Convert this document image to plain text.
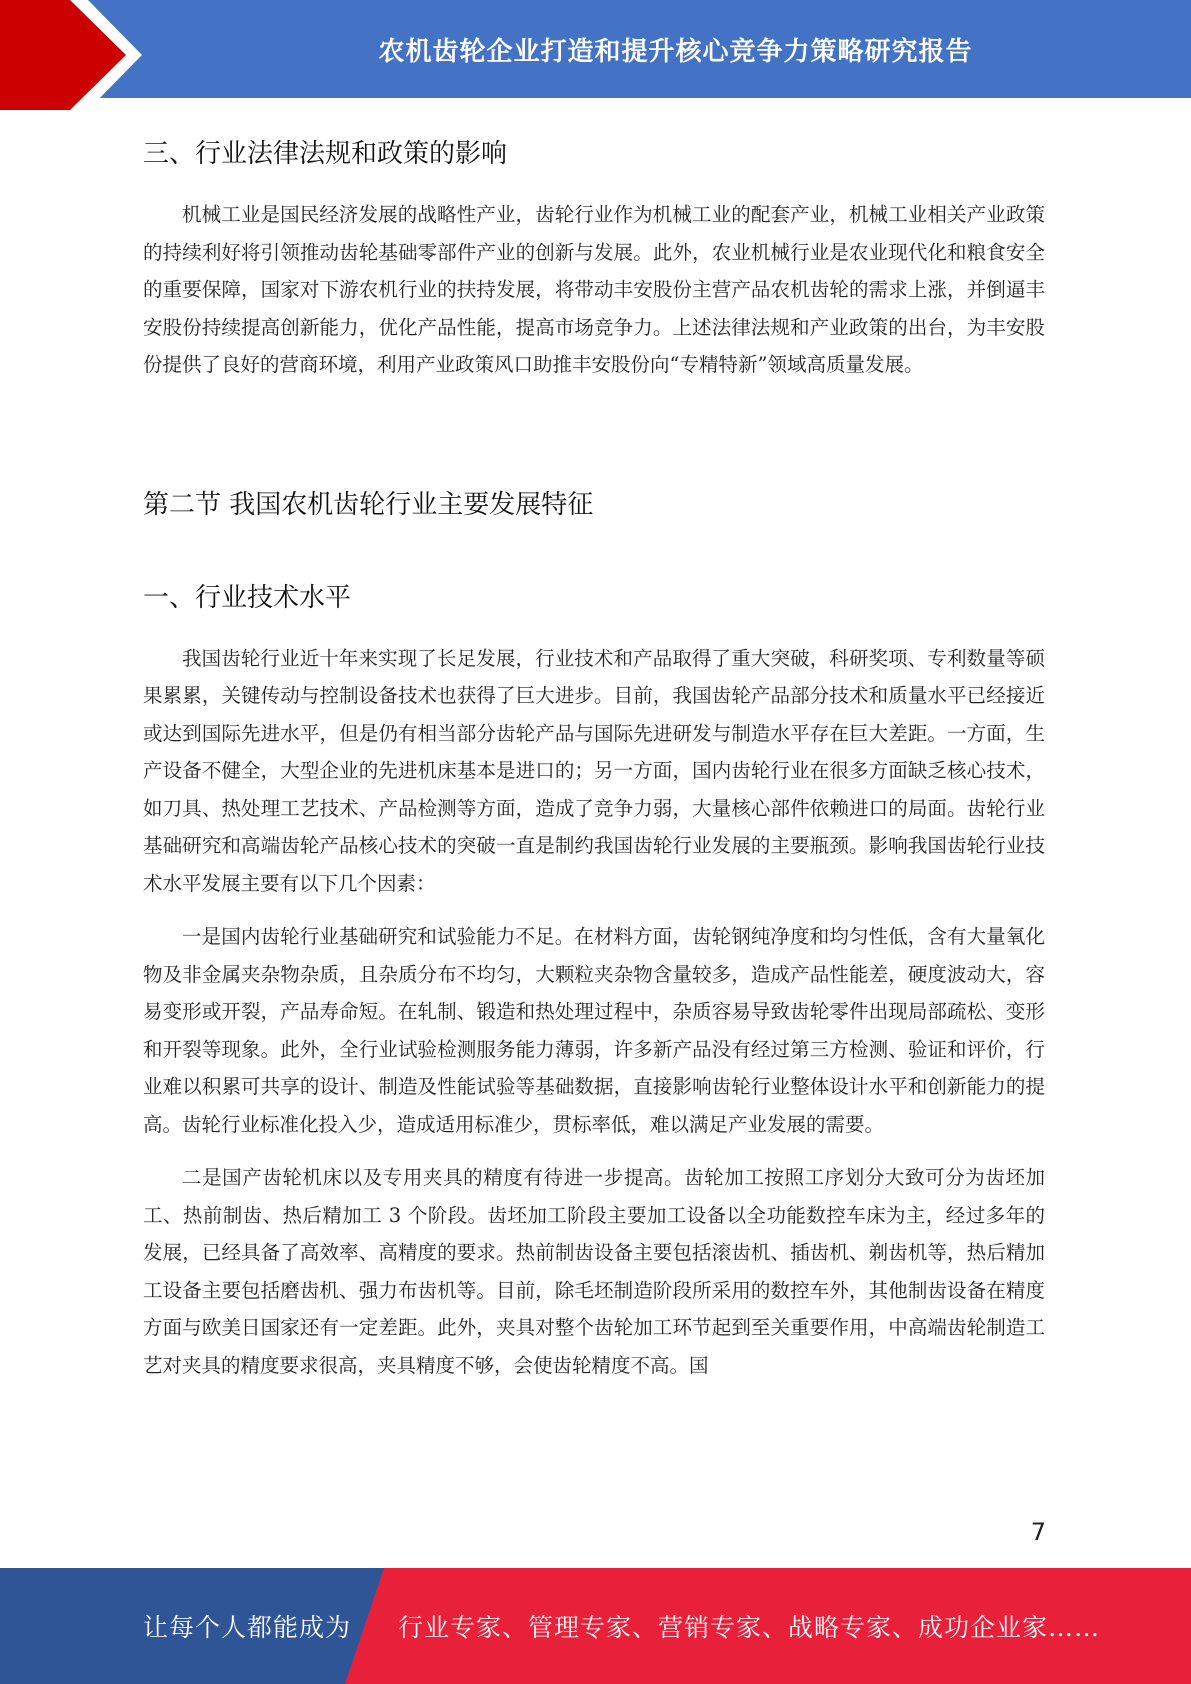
农机齿轮企业打造和提升核心竞争力策略研究报告
三、行业法律法规和政策的影响

机械工业是国民经济发展的战略性产业，齿轮行业作为机械工业的配套产业，机械工业相关产业政策的持续利好将引领推动齿轮基础零部件产业的创新与发展。此外，农业机械行业是农业现代化和粮食安全的重要保障，国家对下游农机行业的扶持发展，将带动丰安股份主营产品农机齿轮的需求上涨，并倒逼丰安股份持续提高创新能力，优化产品性能，提高市场竞争力。上述法律法规和产业政策的出台，为丰安股份提供了良好的营商环境，利用产业政策风口助推丰安股份向“专精特新”领域高质量发展。

第二节 我国农机齿轮行业主要发展特征
一、行业技术水平

我国齿轮行业近十年来实现了长足发展，行业技术和产品取得了重大突破，科研奖项、专利数量等硕果累累，关键传动与控制设备技术也获得了巨大进步。目前，我国齿轮产品部分技术和质量水平已经接近或达到国际先进水平，但是仍有相当部分齿轮产品与国际先进研发与制造水平存在巨大差距。一方面，生产设备不健全，大型企业的先进机床基本是进口的；另一方面，国内齿轮行业在很多方面缺乏核心技术，如刀具、热处理工艺技术、产品检测等方面，造成了竞争力弱，大量核心部件依赖进口的局面。齿轮行业基础研究和高端齿轮产品核心技术的突破一直是制约我国齿轮行业发展的主要瓶颈。影响我国齿轮行业技术水平发展主要有以下几个因素：

一是国内齿轮行业基础研究和试验能力不足。在材料方面，齿轮钢纯净度和均匀性低，含有大量氧化物及非金属夹杂物杂质，且杂质分布不均匀，大颗粒夹杂物含量较多，造成产品性能差，硬度波动大，容易变形或开裂，产品寿命短。在轧制、锻造和热处理过程中，杂质容易导致齿轮零件出现局部疏松、变形和开裂等现象。此外，全行业试验检测服务能力薄弱，许多新产品没有经过第三方检测、验证和评价，行业难以积累可共享的设计、制造及性能试验等基础数据，直接影响齿轮行业整体设计水平和创新能力的提高。齿轮行业标准化投入少，造成适用标准少，贯标率低，难以满足产业发展的需要。

二是国产齿轮机床以及专用夹具的精度有待进一步提高。齿轮加工按照工序划分大致可分为齿坯加工、热前制齿、热后精加工 3 个阶段。齿坯加工阶段主要加工设备以全功能数控车床为主，经过多年的发展，已经具备了高效率、高精度的要求。热前制齿设备主要包括滚齿机、插齿机、剃齿机等，热后精加工设备主要包括磨齿机、强力布齿机等。目前，除毛坯制造阶段所采用的数控车外，其他制齿设备在精度方面与欧美日国家还有一定差距。此外，夹具对整个齿轮加工环节起到至关重要作用，中高端齿轮制造工艺对夹具的精度要求很高，夹具精度不够，会使齿轮精度不高。国

7
让每个人都能成为 行业专家、管理专家、营销专家、战略专家、成功企业家……
